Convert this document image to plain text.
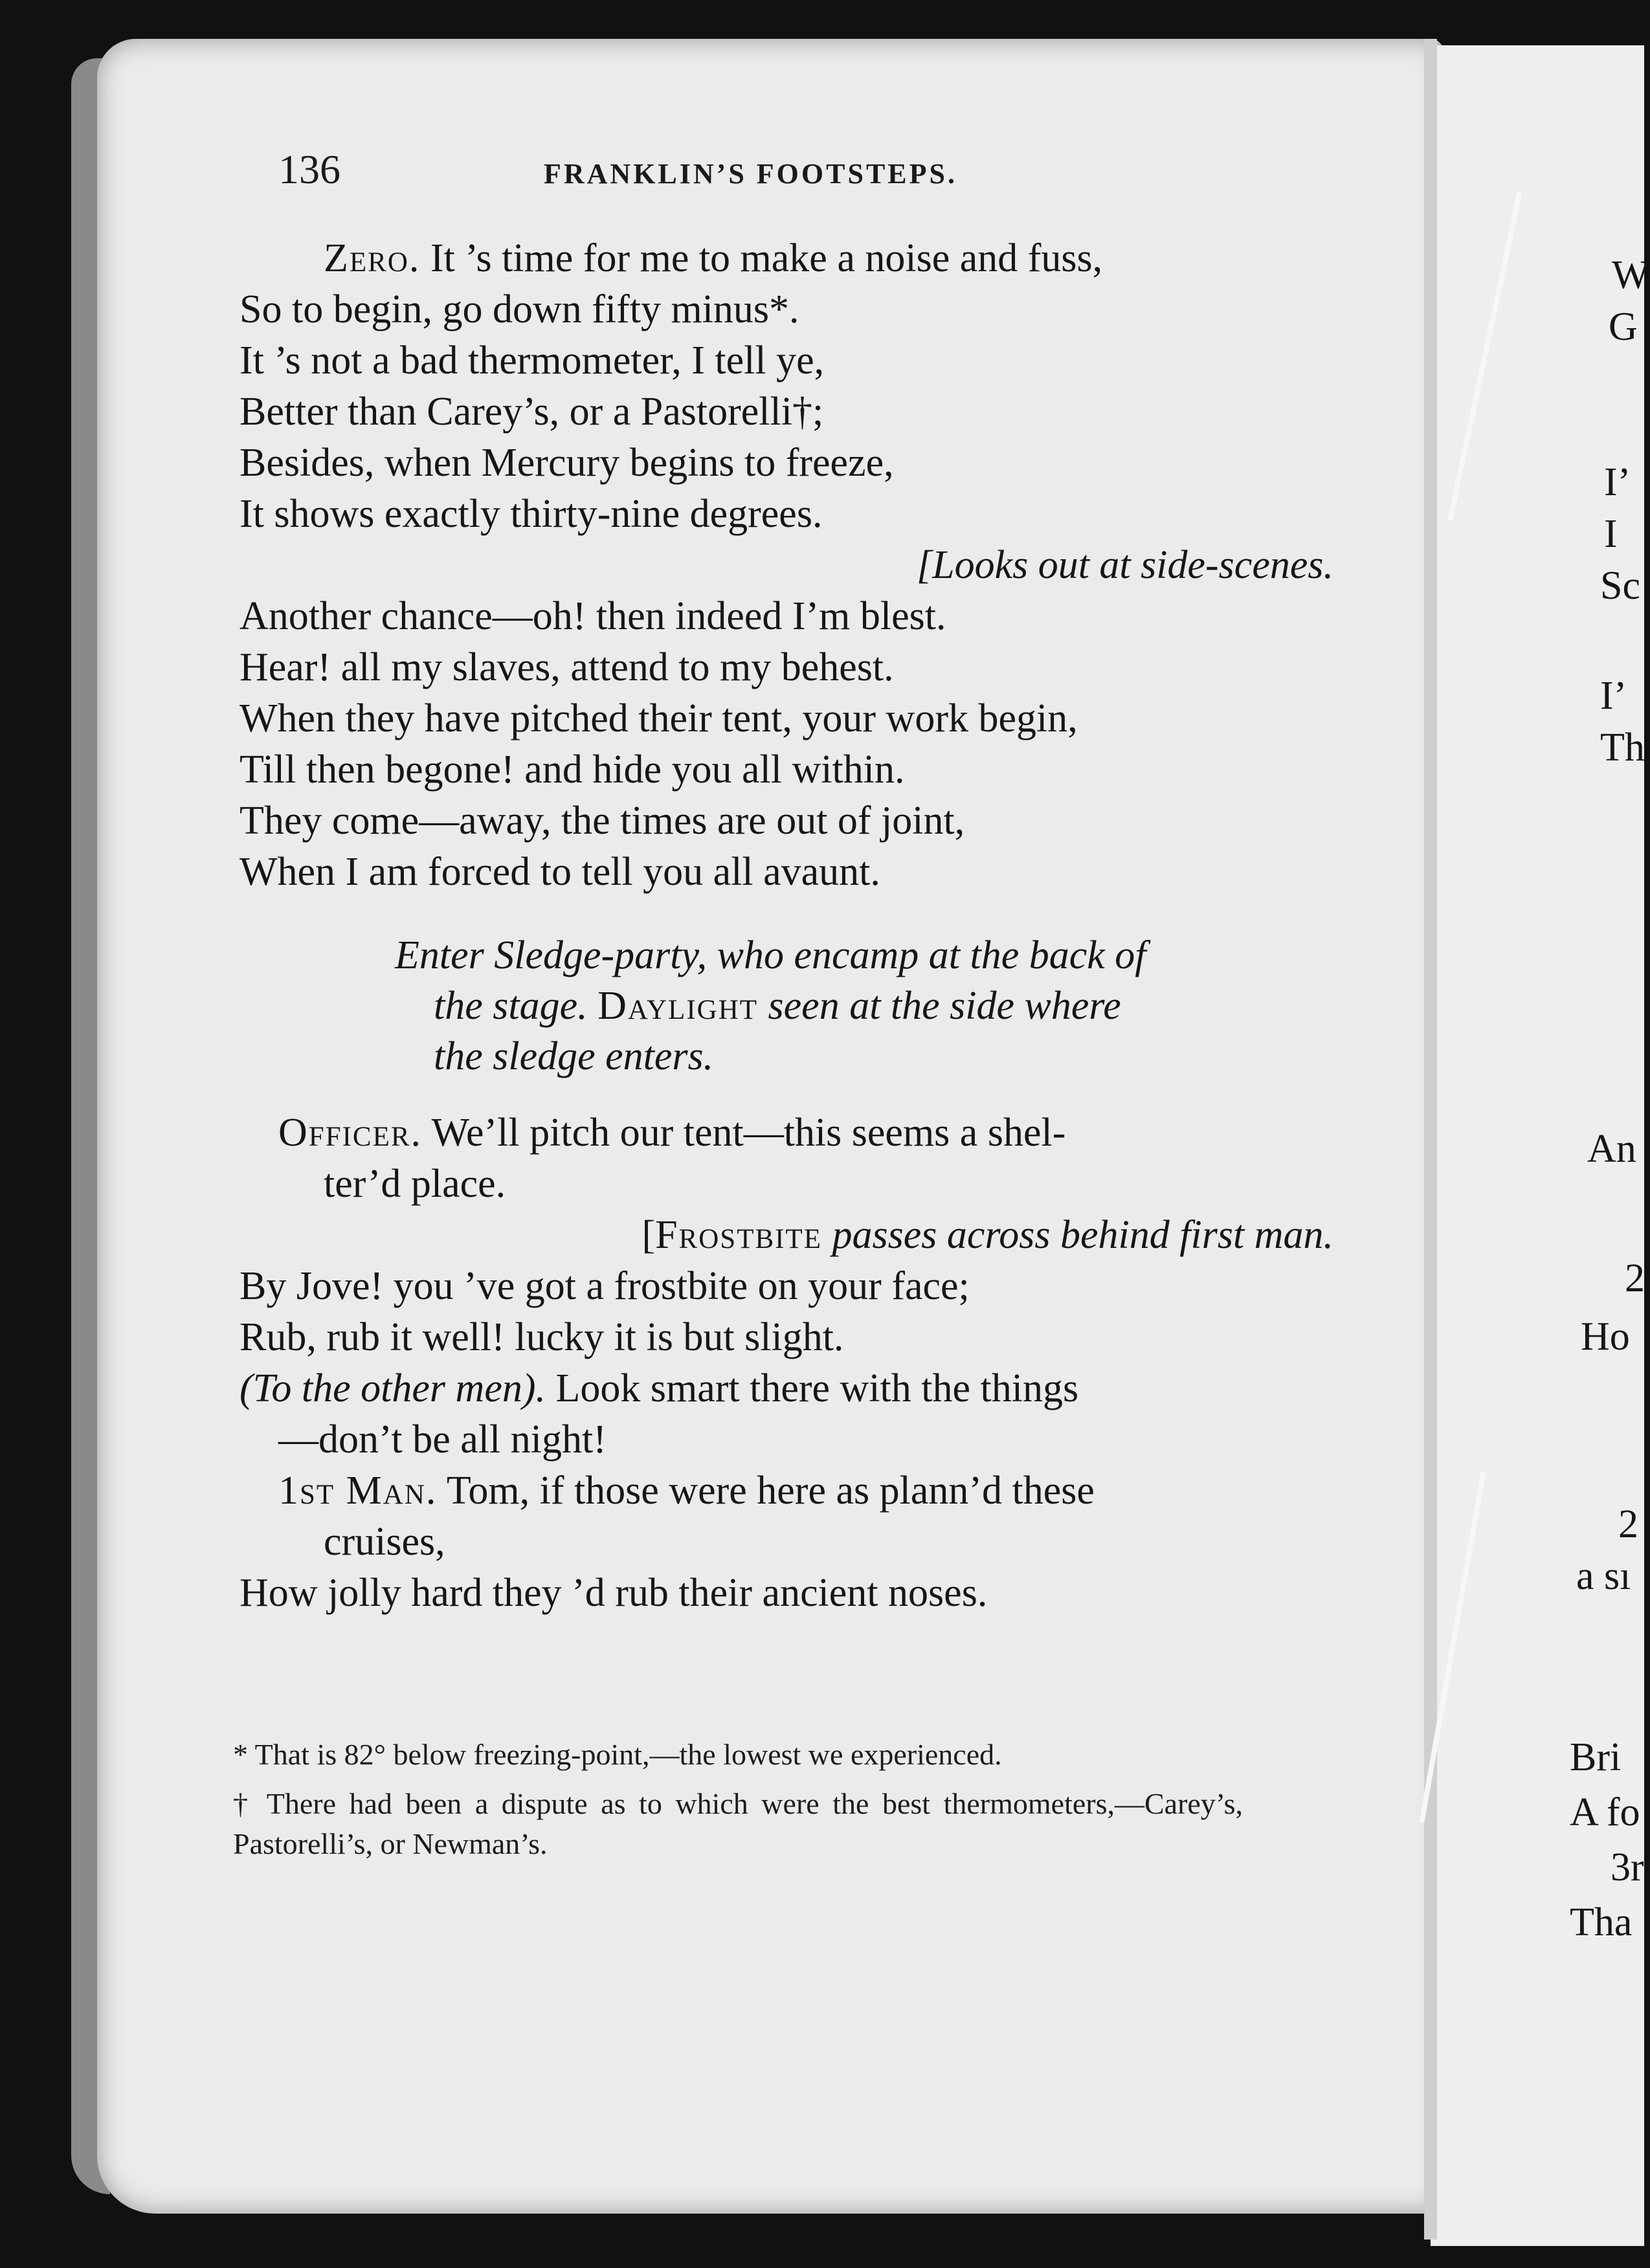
136	FRANKLIN’S FOOTSTEPS.
Zero. It ’s time for me to make a noise and fuss,
So to begin, go down fifty minus*.
It ’s not a bad thermometer, I tell ye,
Better than Carey’s, or a Pastorelli†;
Besides, when Mercury begins to freeze,
It shows exactly thirty-nine degrees.
[Looks out at side-scenes.
Another chance—oh! then indeed I’m blest.
Hear! all my slaves, attend to my behest.
When they have pitched their tent, your work begin,
Till then begone! and hide you all within.
They come—away, the times are out of joint,
When I am forced to tell you all avaunt.
Enter Sledge-party, who encamp at the back of
the stage. Daylight seen at the side where
the sledge enters.
Officer. We’ll pitch our tent—this seems a shel-
ter’d place.
[Frostbite passes across behind first man.
By Jove! you ’ve got a frostbite on your face;
Rub, rub it well! lucky it is but slight.
(To the other men). Look smart there with the things
—don’t be all night!
1st Man. Tom, if those were here as plann’d these
cruises,
How jolly hard they ’d rub their ancient noses.
* That is 82° below freezing-point,—the lowest we experienced.
† There had been a dispute as to which were the best thermometers,—Carey’s, Pastorelli’s, or Newman’s.
W
G
I’
I
Sc
I’
Th
An
2
Ho
2
a sı
Bri
A fo
3r
Tha
